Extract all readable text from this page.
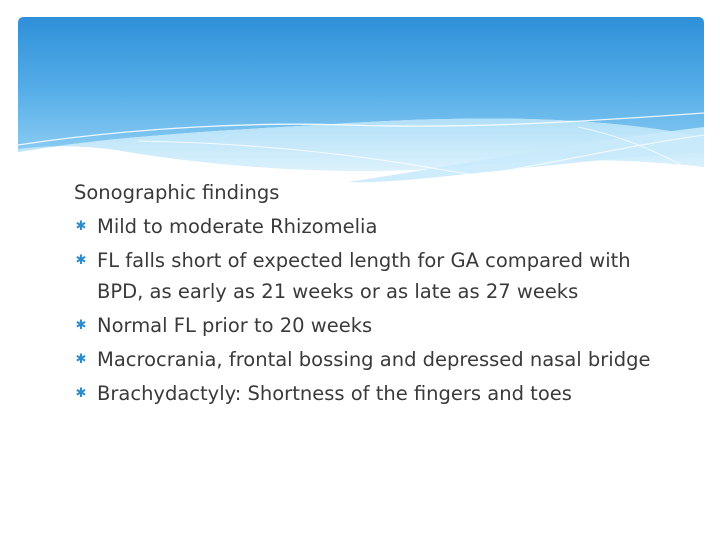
Sonographic findings

✱ Mild to moderate Rhizomelia
✱ FL falls short of expected length for GA compared with BPD, as early as 21 weeks or as late as 27 weeks
✱ Normal FL prior to 20 weeks
✱ Macrocrania, frontal bossing and depressed nasal bridge
✱ Brachydactyly: Shortness of the fingers and toes
